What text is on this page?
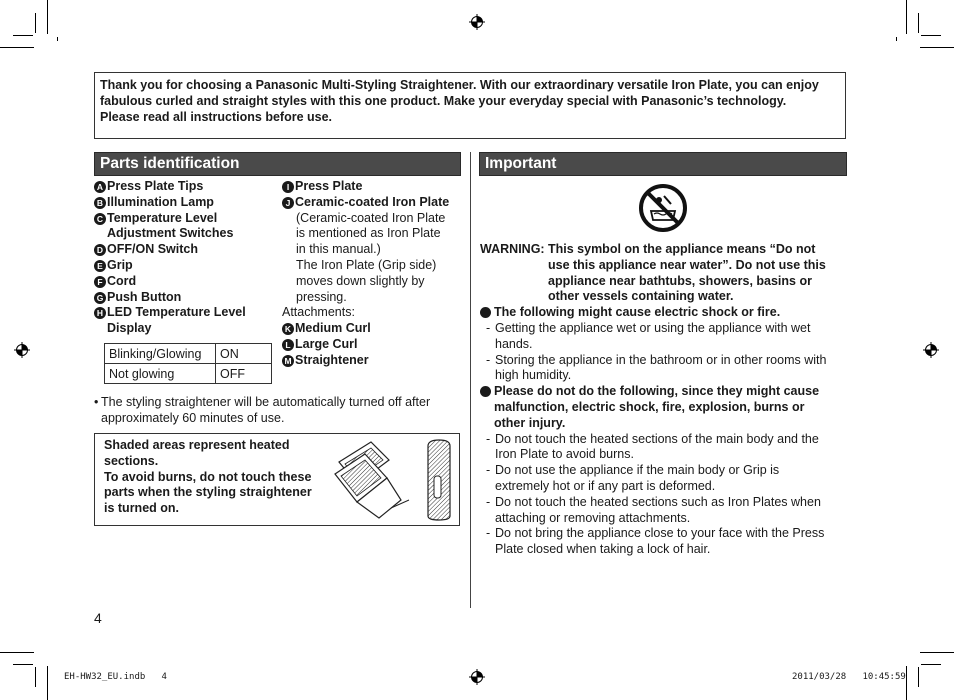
Thank you for choosing a Panasonic Multi-Styling Straightener. With our extraordinary versatile Iron Plate, you can enjoy fabulous curled and straight styles with this one product. Make your everyday special with Panasonic’s technology.

Please read all instructions before use.

Parts identification
A Press Plate Tips
B Illumination Lamp
C Temperature Level
Adjustment Switches
D OFF/ON Switch
E Grip
F Cord
G Push Button
H LED Temperature Level
Display
I Press Plate
J Ceramic-coated Iron Plate
(Ceramic-coated Iron Plate
is mentioned as Iron Plate
in this manual.)
The Iron Plate (Grip side)
moves down slightly by
pressing.
Attachments:
K Medium Curl
L Large Curl
M Straightener
Blinking/Glowing	ON
Not glowing	OFF
• The styling straightener will be automatically turned off after
approximately 60 minutes of use.

Shaded areas represent heated sections.

To avoid burns, do not touch these parts when the styling straightener is turned on.

Important
WARNING: This symbol on the appliance means “Do not
use this appliance near water”. Do not use this
appliance near bathtubs, showers, basins or
other vessels containing water.
The following might cause electric shock or fire.
- Getting the appliance wet or using the appliance with wet
hands.
- Storing the appliance in the bathroom or in other rooms with
high humidity.
Please do not do the following, since they might cause
malfunction, electric shock, fire, explosion, burns or
other injury.
- Do not touch the heated sections of the main body and the
Iron Plate to avoid burns.
- Do not use the appliance if the main body or Grip is
extremely hot or if any part is deformed.
- Do not touch the heated sections such as Iron Plates when
attaching or removing attachments.
- Do not bring the appliance close to your face with the Press
Plate closed when taking a lock of hair.
4
EH-HW32_EU.indb   4	2011/03/28   10:45:59
